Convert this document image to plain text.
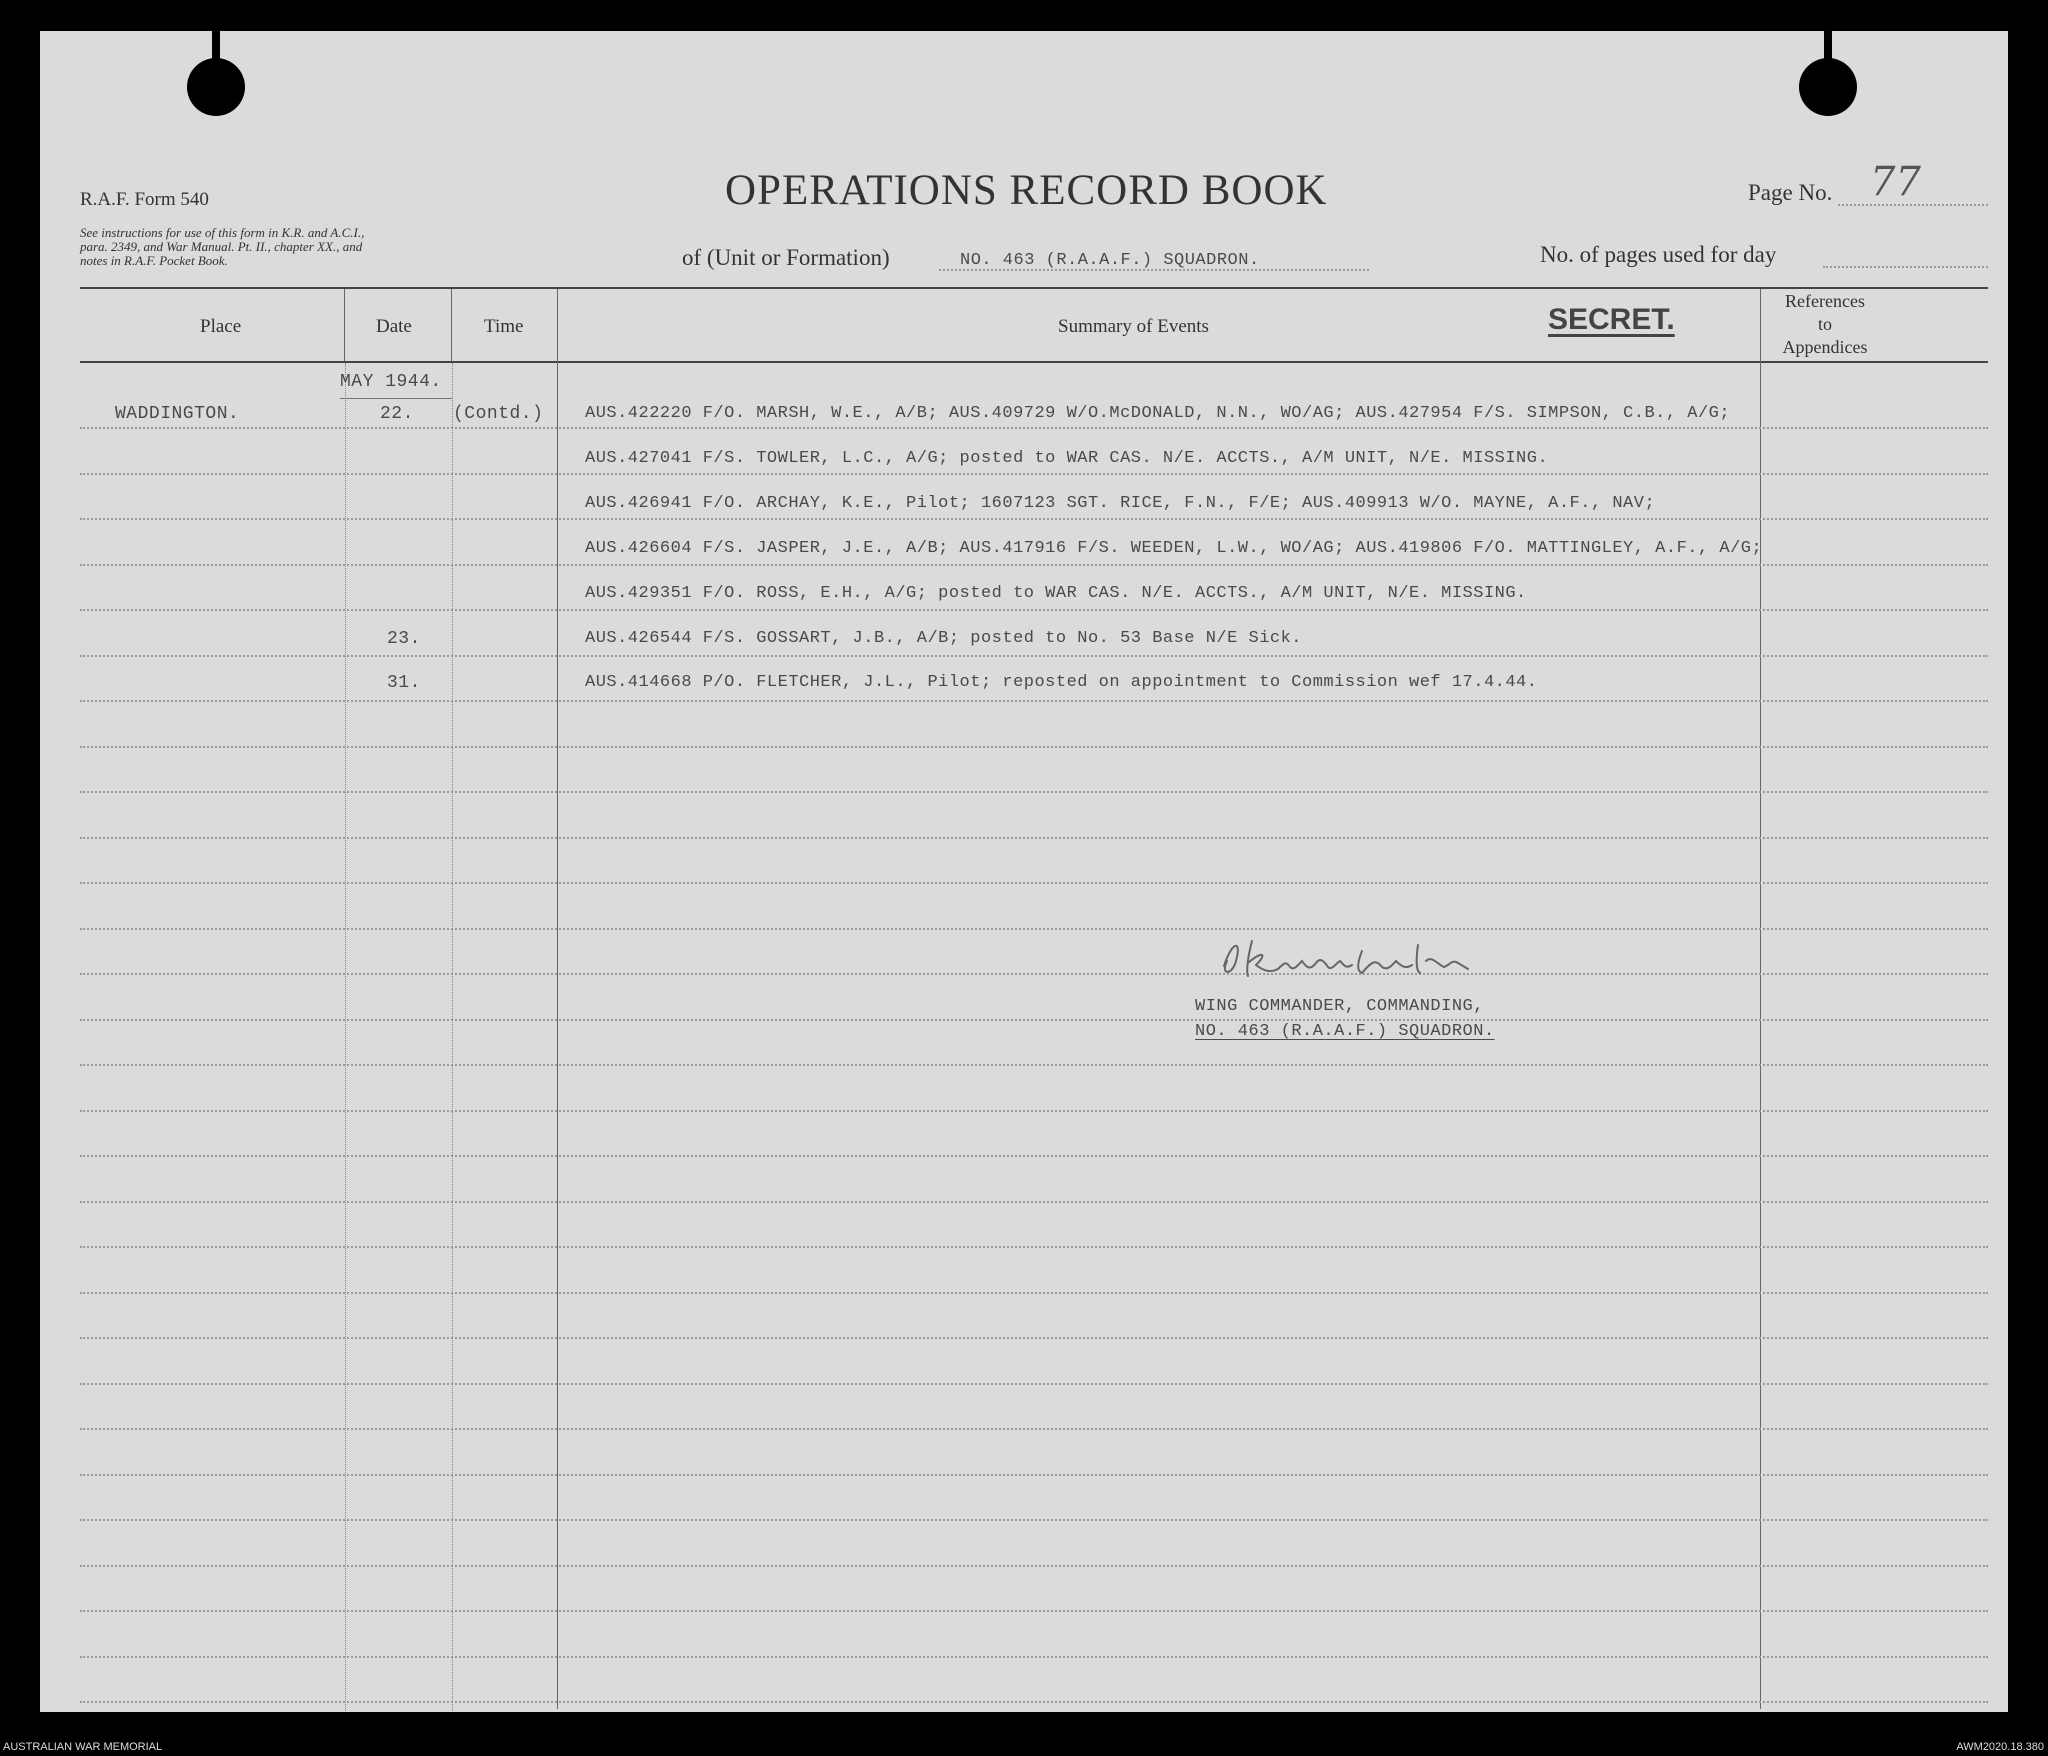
R.A.F. Form 540
See instructions for use of this form in K.R. and A.C.I.,
para. 2349, and War Manual. Pt. II., chapter XX., and
notes in R.A.F. Pocket Book.
OPERATIONS RECORD BOOK	Page No. 77
of (Unit or Formation)	NO. 463 (R.A.A.F.) SQUADRON.	No. of pages used for day
Place	Date	Time	Summary of Events	SECRET.
References
to
Appendices
MAY 1944.
WADDINGTON.	22. (Contd.) AUS.422220 F/O. MARSH, W.E., A/B; AUS.409729 W/O.McDONALD, N.N., WO/AG; AUS.427954 F/S. SIMPSON, C.B., A/G;
AUS.427041 F/S. TOWLER, L.C., A/G; posted to WAR CAS. N/E. ACCTS., A/M UNIT, N/E. MISSING.
AUS.426941 F/O. ARCHAY, K.E., Pilot; 1607123 SGT. RICE, F.N., F/E; AUS.409913 W/O. MAYNE, A.F., NAV;
AUS.426604 F/S. JASPER, J.E., A/B; AUS.417916 F/S. WEEDEN, L.W., WO/AG; AUS.419806 F/O. MATTINGLEY, A.F., A/G;
AUS.429351 F/O. ROSS, E.H., A/G; posted to WAR CAS. N/E. ACCTS., A/M UNIT, N/E. MISSING.
23.	AUS.426544 F/S. GOSSART, J.B., A/B; posted to No. 53 Base N/E Sick.
31.	AUS.414668 P/O. FLETCHER, J.L., Pilot; reposted on appointment to Commission wef 17.4.44.
WING COMMANDER, COMMANDING,
NO. 463 (R.A.A.F.) SQUADRON.
AUSTRALIAN WAR MEMORIAL	AWM2020.18.380
